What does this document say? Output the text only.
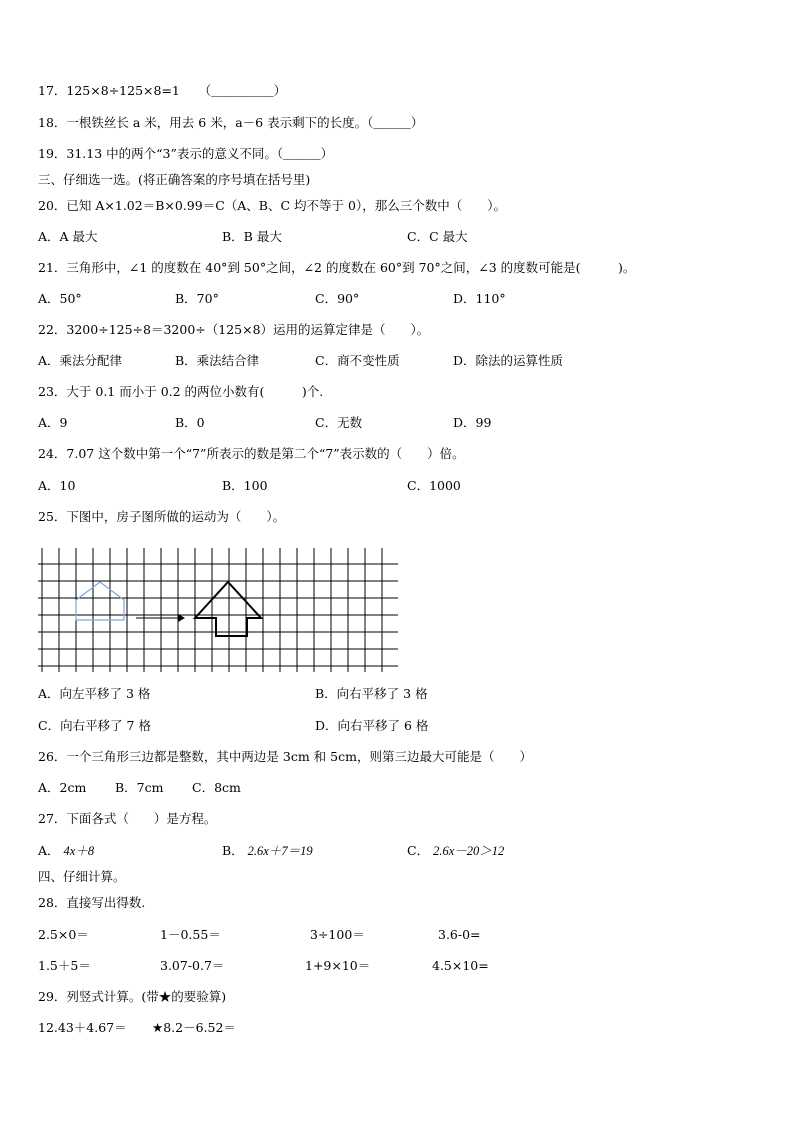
17．125×8÷125×8=1　　（＿＿＿＿＿）
18．一根铁丝长 a 米，用去 6 米，a－6 表示剩下的长度。（＿＿＿）
19．31.13 中的两个“3”表示的意义不同。（＿＿＿）
三、仔细选一选。(将正确答案的序号填在括号里)
20．已知 A×1.02＝B×0.99＝C（A、B、C 均不等于 0），那么三个数中（　　）。
A．A 最大	B．B 最大	C．C 最大
21．三角形中，∠1 的度数在 40°到 50°之间，∠2 的度数在 60°到 70°之间，∠3 的度数可能是(　　　)。
A．50°	B．70°	C．90°	D．110°
22．3200÷125÷8＝3200÷（125×8）运用的运算定律是（　　）。
A．乘法分配律	B．乘法结合律	C．商不变性质	D．除法的运算性质
23．大于 0.1 而小于 0.2 的两位小数有(　　　)个.
A．9	B．0	C．无数	D．99
24．7.07 这个数中第一个“7”所表示的数是第二个“7”表示数的（　　）倍。
A．10	B．100	C．1000
25．下图中，房子图所做的运动为（　　）。
A．向左平移了 3 格	B．向右平移了 3 格
C．向右平移了 7 格	D．向右平移了 6 格
26．一个三角形三边都是整数，其中两边是 3cm 和 5cm，则第三边最大可能是（　　）
A．2cm B．7cm C．8cm
27．下面各式（　　）是方程。
A． 4x＋8	B． 2.6x＋7＝19	C． 2.6x－20＞12
四、仔细计算。
28．直接写出得数.
2.5×0＝	1－0.55＝	3÷100＝	3.6-0=
1.5＋5＝	3.07-0.7＝	1+9×10＝	4.5×10=
29．列竖式计算。(带★的要验算)
12.43＋4.67＝ ★8.2－6.52＝
